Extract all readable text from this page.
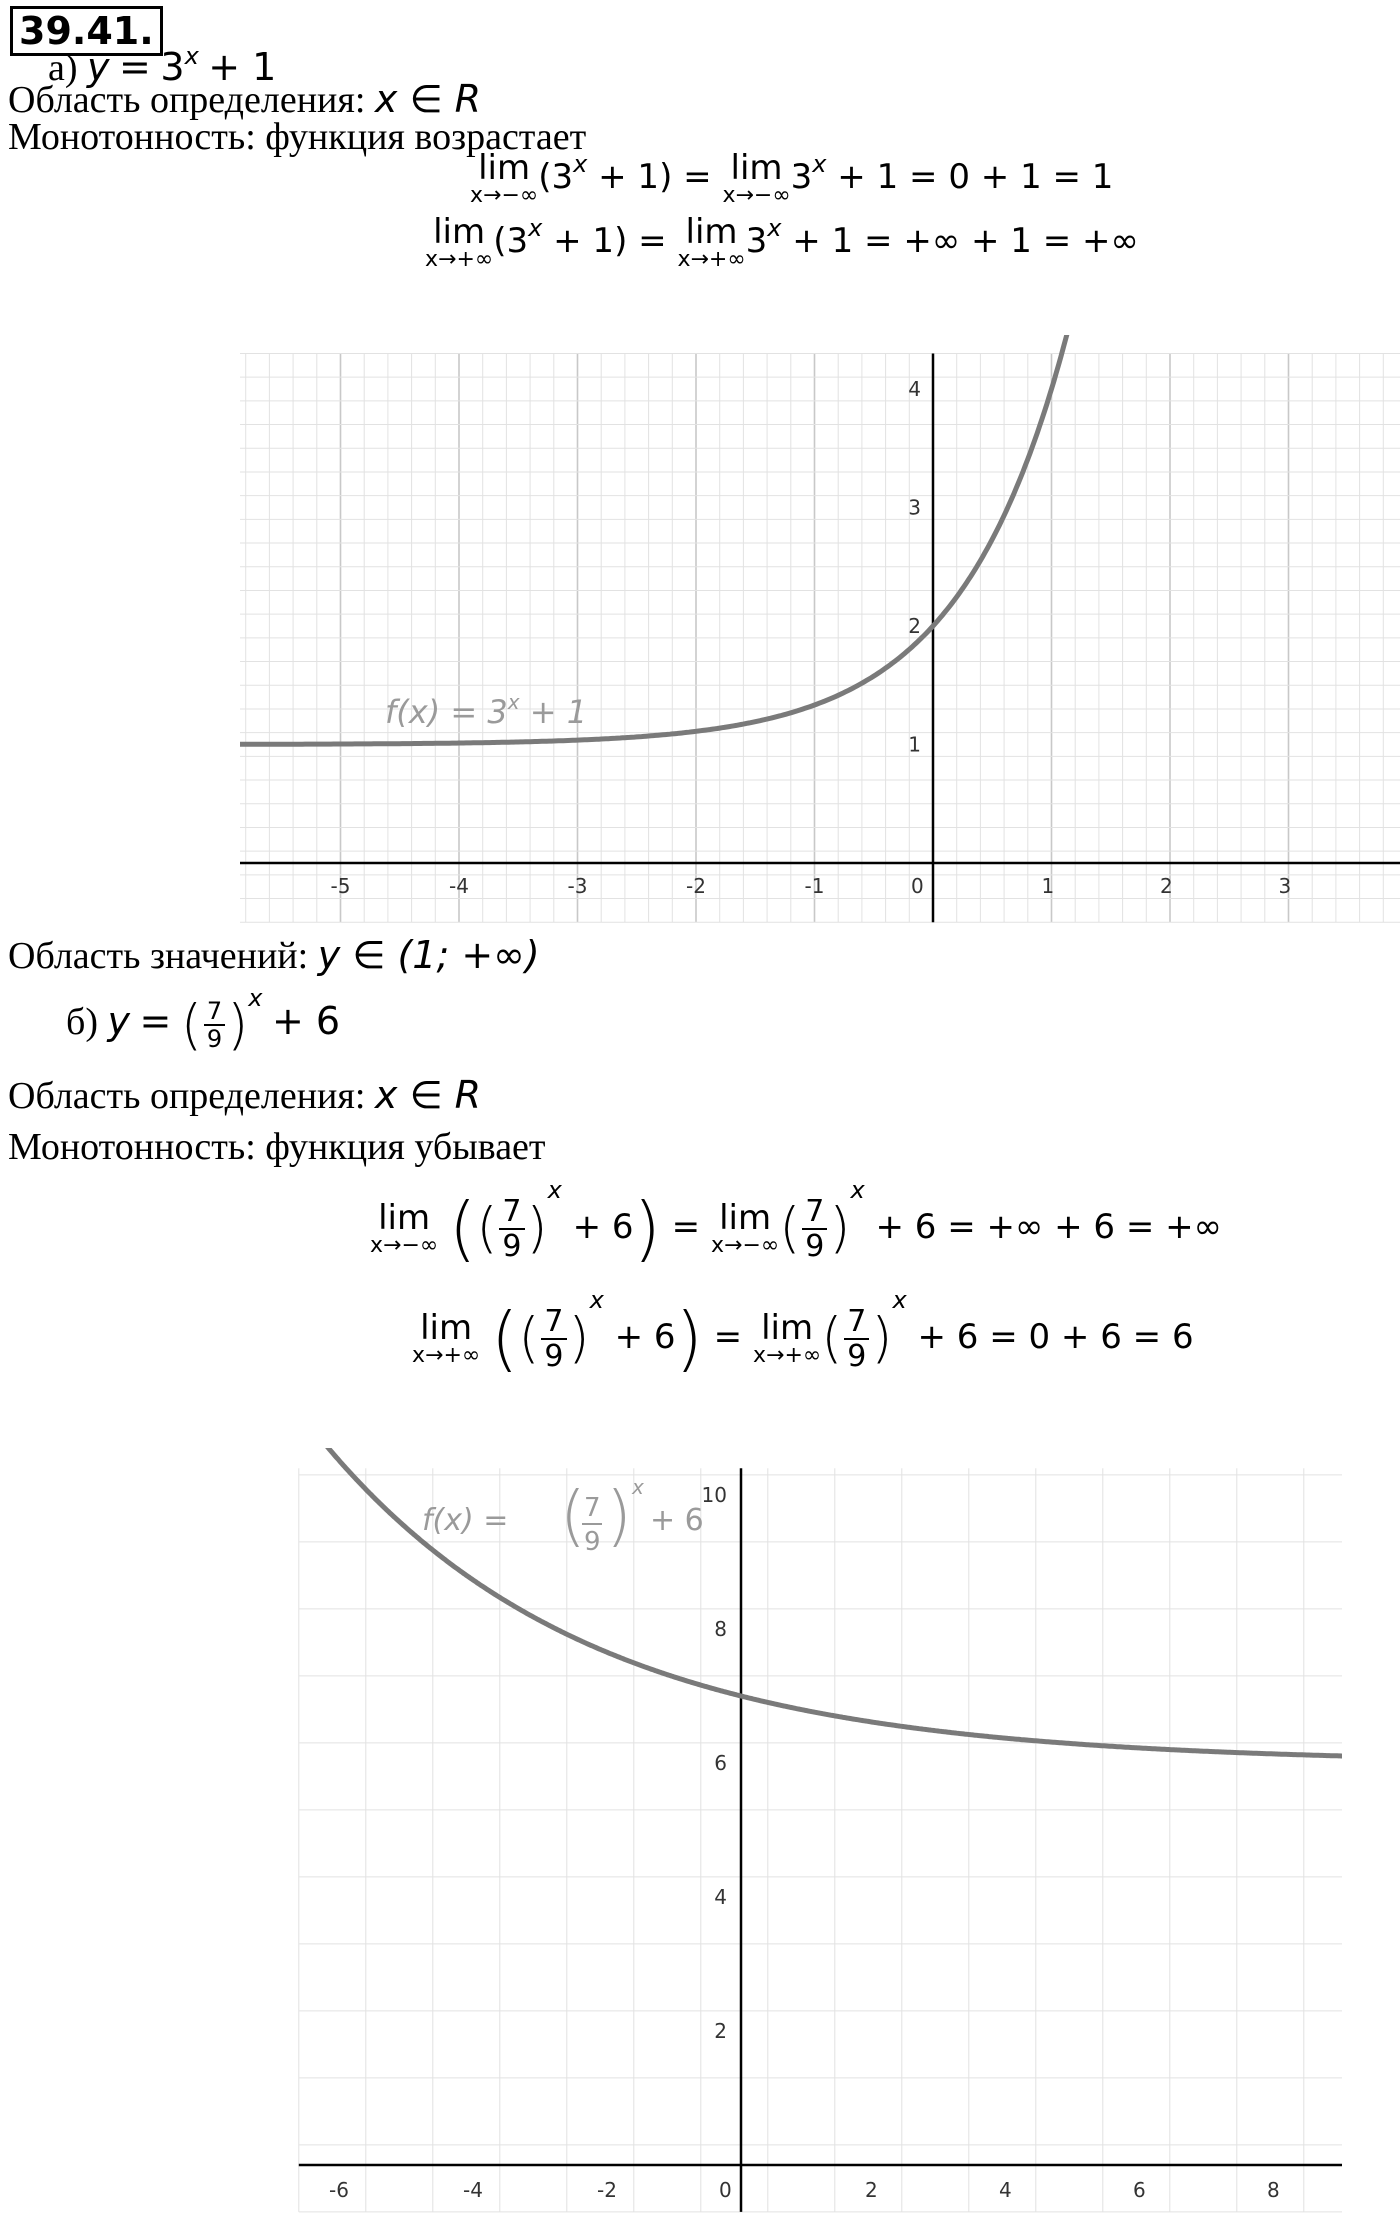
39.41.
а) $y = 3^x + 1$
Область определения: x ∈ R
Монотонность: функция возрастает
lim
x→−∞ $(3^x + 1) = \lim$
x→−∞ $3^x + 1 = 0 + 1 = 1$
lim
x→+∞ $(3^x + 1) = \lim$
x→+∞ $3^x + 1$ = +∞ + 1 = +∞
-5	-4	-3	-2	-1	0	1	2	3
1
2
3
4
$f(x) = 3^x + 1$
Область значений: y ∈ (1; +∞)
б) y = ( $\frac{7}{9} )^x + 6$
Область определения: x ∈ R
Монотонность: функция убывает
lim
x→−∞ (( $\frac{7}{9} )^x + 6) = \lim$
x→−∞ ( $\frac{7}{9} )^x + 6$ = +∞ + 6 = +∞
lim
x→+∞ (( $\frac{7}{9} )^x + 6) = \lim$
x→+∞ ( $\frac{7}{9} )^x + 6 = 0 + 6 = 6$
-6	-4	-2	0	2	4	6	8
2
4
6
8
10
f(x) = (
7
9 ) x
+ 6
